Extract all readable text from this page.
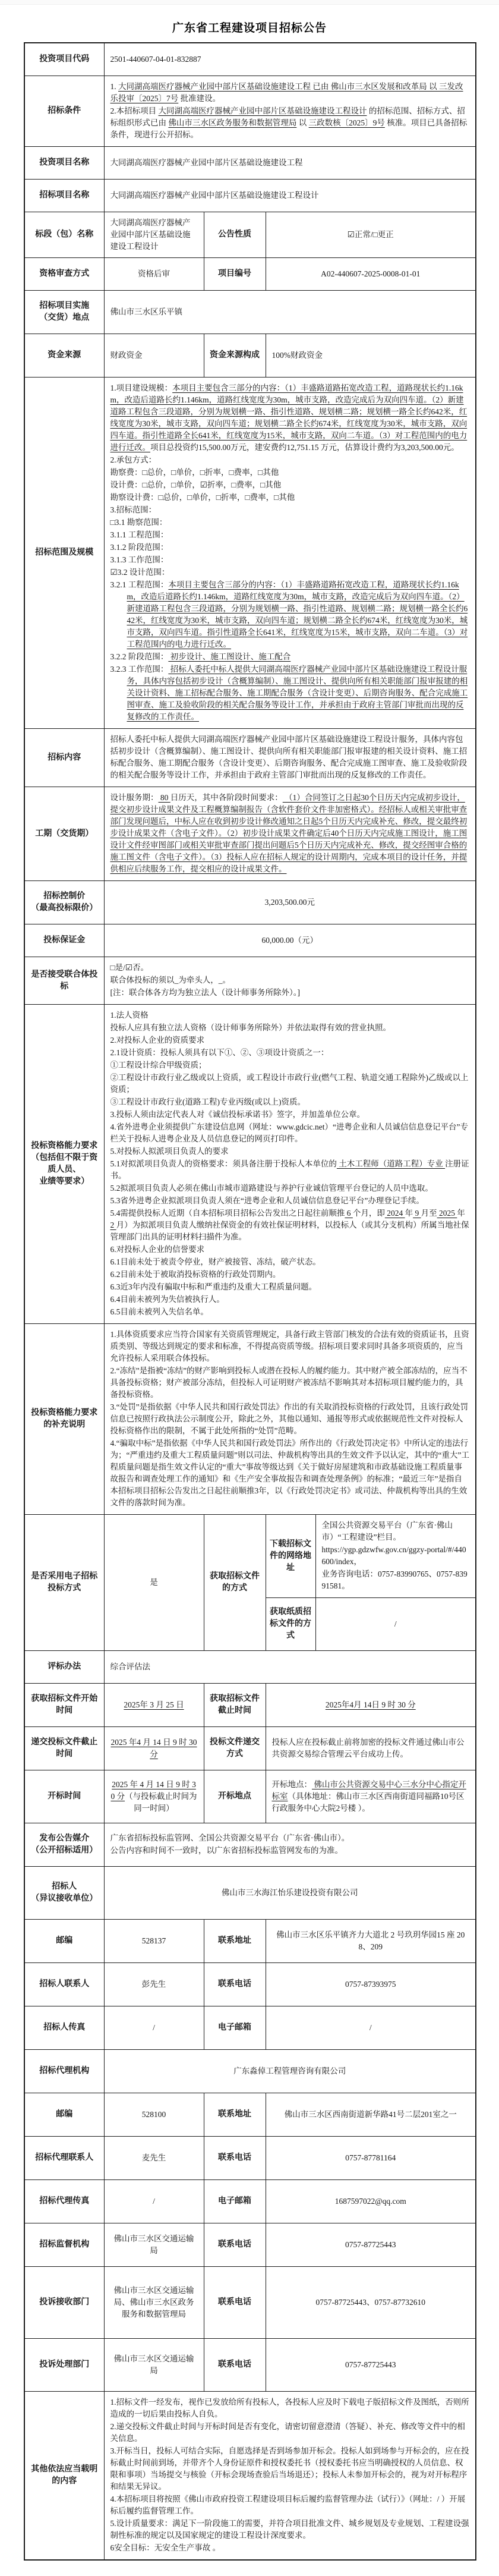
广东省工程建设项目招标公告
投资项目代码	2501-440607-04-01-832887			
招标条件	1. 大同湖高端医疗器械产业园中部片区基础设施建设工程 已由 佛山市三水区发展和改革局 以 三发改乐投审〔2025〕7号 批准建设。
2.本招标项目 大同湖高端医疗器械产业园中部片区基础设施建设工程设计 的招标范围、招标方式、招标组织形式已由 佛山市三水区政务服务和数据管理局 以 三政数核〔2025〕9号 核准。项目已具备招标条件，现进行公开招标。			

投资项目名称	大同湖高端医疗器械产业园中部片区基础设施建设工程			
招标项目名称	大同湖高端医疗器械产业园中部片区基础设施建设工程设计			
标段（包）名称	大同湖高端医疗器械产业园中部片区基础设施建设工程设计	公告性质	☑正常/□更正	
资格审查方式	资格后审	项目编号	A02-440607-2025-0008-01-01	
招标项目实施（交货）地点	佛山市三水区乐平镇			
资金来源	财政资金	资金来源构成	100%财政资金	
招标范围及规模	
1.项目建设规模：本项目主要包含三部分的内容：（1）丰盛路道路拓宽改造工程，道路现状长约1.16km，改造后道路长约1.146km，道路红线宽度为30m，城市支路，改造完成后为双向四车道。（2）新建道路工程包含三段道路，分别为规划横一路、指引性道路、规划横二路；规划横一路全长约642米，红线宽度为30米，城市支路，双向四车道；规划横二路全长约674米，红线宽度为30米，城市支路，双向四车道。指引性道路全长641米，红线宽度为15米，城市支路，双向二车道。（3）对工程范围内的电力进行迁改。项目总投资约15,500.00万元，建安费约12,751.15 万元，估算设计费约为3,203,500.00元。
2.承包方式：
勘察费：□总价，□单价，□折率，□费率，□其他
设计费：□总价，□单价，☑折率，□费率，□其他
勘察设计费：□总价，□单价，□折率，□费率，□其他
3.招标范围：
□3.1 勘察范围：
3.1.1 工程范围：
3.1.2 阶段范围：
3.1.3 工作范围：
☑3.2 设计范围：
3.2.1 工程范围：本项目主要包含三部分的内容：（1）丰盛路道路拓宽改造工程，道路现状长约1.16km，改造后道路长约1.146km，道路红线宽度为30m，城市支路，改造完成后为双向四车道。（2）新建道路工程包含三段道路，分别为规划横一路、指引性道路、规划横二路；规划横一路全长约642米，红线宽度为30米，城市支路，双向四车道；规划横二路全长约674米，红线宽度为30米，城市支路，双向四车道。指引性道路全长641米，红线宽度为15米，城市支路，双向二车道。（3）对工程范围内的电力进行迁改。
3.2.2 阶段范围： 初步设计、施工图设计、施工配合
3.2.3 工作范围： 招标人委托中标人提供大同湖高端医疗器械产业园中部片区基础设施建设工程设计服务，具体内容包括初步设计（含概算编制）、施工图设计、提供向所有相关职能部门报审报建的相关设计资料、施工招标配合服务、施工期配合服务（含设计变更）、后期咨询服务、配合完成施工图审查、施工及验收阶段的相关配合服务等设计工作，并承担由于政府主管部门审批而出现的反复修改的工作责任。

招标内容	招标人委托中标人提供大同湖高端医疗器械产业园中部片区基础设施建设工程设计服务，具体内容包括初步设计（含概算编制）、施工图设计、提供向所有相关职能部门报审报建的相关设计资料、施工招标配合服务、施工期配合服务（含设计变更）、后期咨询服务、配合完成施工图审查、施工及验收阶段的相关配合服务等设计工作，并承担由于政府主管部门审批而出现的反复修改的工作责任。			

工期（交货期）	设计服务期： 80 日历天，其中各阶段时间要求： （1）合同签订之日起30个日历天内完成初步设计，提交初步设计成果文件及工程概算编制报告（含软件套价文件非加密格式）。经招标人或相关审批审查部门发现问题后，中标人应在收到初步设计修改通知之日起5个日历天内完成补充、修改，提交最终初步设计成果文件（含电子文件）。（2）初步设计成果文件确定后40个日历天内完成施工图设计，施工图设计文件经审图部门或相关审批审查部门提出问题后5个日历天内完成补充、修改，提交经图审合格的施工图文件（含电子文件）。（3）投标人应在招标人规定的设计周期内，完成本项目的设计任务，并提供相应后续服务工作，提交相应的设计成果文件。			

招标控制价（最高投标限价）	3,203,500.00元			
投标保证金	60,000.00（元）			
是否接受联合体投标	□是/☑否。
联合体投标的须以_为牵头人，_。
[注：联合体各方均为独立法人（设计师事务所除外）。]			

投标资格能力要求（包括但不限于资质人员、业绩等要求）	
1.法人资格
投标人应具有独立法人资格（设计师事务所除外）并依法取得有效的营业执照。
2.对投标人企业的资质要求
2.1设计资质：投标人须具有以下①、②、③项设计资质之一：
①工程设计综合甲级资质；
②工程设计市政行业乙级或以上资质，或工程设计市政行业(燃气工程、轨道交通工程除外)乙级或以上资质；
③工程设计市政行业(道路工程)专业丙级(或以上)资质。
3.投标人须由法定代表人对《诚信投标承诺书》签字，并加盖单位公章。
4.省外进粤企业须提供广东建设信息网（网址：www.gdcic.net）“进粤企业和人员诚信信息登记平台”专栏关于投标人进粤企业及人员信息登记的网页打印件。
5.对投标人拟派项目负责人的要求
5.1对拟派项目负责人的资格要求：须具备注册于投标人本单位的 土木工程师（道路工程）专业 注册证书。
5.2拟派项目负责人必须在佛山市城市道路建设与养护行业诚信管理平台登记的人员中选取。
5.3省外进粤企业拟派项目负责人须在“进粤企业和人员诚信信息登记平台”办理登记手续。
5.4需提供投标人近期（自本招标项目招标公告发出之日起往前顺推 6 个月，即 2024 年 9 月至 2025 年 2 月）为拟派项目负责人缴纳社保资金的有效社保证明材料，以投标人（或其分支机构）所属当地社保管理部门出具的证明材料扫描件为准。
6.对投标人企业的信誉要求
6.1目前未处于被责令停业，财产被接管、冻结，破产状态。
6.2目前未处于被取消投标资格的行政处罚期内。
6.3近3年内没有骗取中标和严重违约及重大工程质量问题。
6.4目前未被列为失信被执行人。
6.5目前未被列入失信名单。

投标资格能力要求的补充说明	1.具体资质要求应当符合国家有关资质管理规定，具备行政主管部门核发的合法有效的资质证书，且资质类别、等级达到规定的要求和标准，不得提高资质等级。招标项目要求同时具备多项资质的，应当允许投标人采用联合体投标。
2.“冻结”是指被“冻结”的财产影响到投标人或潜在投标人的履约能力。其中财产被全部冻结的，应当不具备投标资格；财产被部分冻结，但投标人可证明财产被冻结不影响其对本招标项目履约能力的，具备投标资格。
3.“处罚”是指依据《中华人民共和国行政处罚法》作出的有关取消投标资格的行政处罚，且该行政处罚信息已按照行政执法公示制度公开，除此之外，其他以通知、通报等形式或依据规范性文件对投标人投标资格作出的限制，不属于此处所指的“处罚”范畴。
4.“骗取中标”是指依据《中华人民共和国行政处罚法》所作出的《行政处罚决定书》中所认定的违法行为；“严重违约及重大工程质量问题”则以司法、仲裁机构等出具的生效文件予以认定，其中的“重大”工程质量问题是指生效文件认定的“重大”事故等级达到《关于做好房屋建筑和市政基础设施工程质量事故报告和调查处理工作的通知》和《生产安全事故报告和调查处理条例》的标准；“最近三年”是指自本招标项目招标公告发出之日起往前顺推3年，以《行政处罚决定书》或司法、仲裁机构等出具的生效文件的落款时间为准。			

是否采用电子招标投标方式	是	获取招标文件的方式	下载招标文件的网络地址	全国公共资源交易平台（广东省·佛山市）“工程建设”栏目。
https://ygp.gdzwfw.gov.cn/ggzy-portal/#/440600/index，
业务咨询电话：0757-83990765、0757-83991581。

			获取纸质招标文件的方式	/
评标办法	综合评估法			
获取招标文件开始时间	2025年 3 月 25 日	获取招标文件截止时间	2025年4月 14日 9 时 30 分	

递交投标文件截止时间	2025 年4 月 14 日 9 时 30 分	投标文件递交方式	投标人应在投标截止前将加密的投标文件通过佛山市公共资源交易综合管理云平台成功上传。	

开标时间	2025 年 4 月 14 日 9 时 30 分（与投标截止时间为同一时间）	开标地点	开标地点： 佛山市公共资源交易中心三水分中心指定开标室（具体地址：佛山市三水区西南街道同福路10号区行政服务中心大院2号楼 ）。	

发布公告媒介（公开招标适用）	广东省招标投标监管网、全国公共资源交易平台（广东省·佛山市）。
公告内容和时间不一致时，以广东省招标投标监管网发布的为准。			

招标人（异议接收单位）	佛山市三水海江怡乐建设投资有限公司			
邮编	528137	联系地址	佛山市三水区乐平镇齐力大道北 2 号玖玥华园15 座 208、209	
招标人联系人	彭先生	联系电话	0757-87393975	
招标人传真	/	电子邮箱	/	
招标代理机构	广东淼倬工程管理咨询有限公司			
邮编	528100	联系地址	佛山市三水区西南街道新华路41号二层201室之一	
招标代理联系人	麦先生	联系电话	0757-87781164	
招标代理传真	/	电子邮箱	1687597022@qq.com	
招标监督机构	佛山市三水区交通运输局	联系电话	0757-87725443	
投诉接收部门	佛山市三水区交通运输局、佛山市三水区政务服务和数据管理局	联系电话	0757-87725443、0757-87732610	
投诉处理部门	佛山市三水区交通运输局	联系电话	0757-87725443	
其他依法应当载明的内容	
1.招标文件一经发布，视作已发放给所有投标人，各投标人应及时下载电子版招标文件及图纸，否则所造成的一切后果由投标人自负。
2.递交投标文件截止时间与开标时间是否有变化，请密切留意澄清（答疑）、补充、修改等文件中的相关信息。
3.开标当日，投标人可结合实际，自愿选择是否到场参加开标会。投标人如到场参与开标会的，应在投标截止时间前到场，并带齐个人身份证原件和授权委托书（授权委托书应当明确授权的人员信息、权限和事项）当场提交与核验（开标会现场查验后当场退还）；投标人未参加开标会的，视为对开标程序和结果无异议。
4.本招标项目将按照《佛山市政府投资工程建设项目标后履约监督管理办法（试行）》（网址：/ ）开展标后履约监督管理工作。
5.设计质量要求：满足下一阶段施工的需要，并符合项目批准文件、城乡规划及专业规划、工程建设强制性标准的规定以及国家规定的建设工程设计深度要求。
6安全目标：无安全生产事故 。
